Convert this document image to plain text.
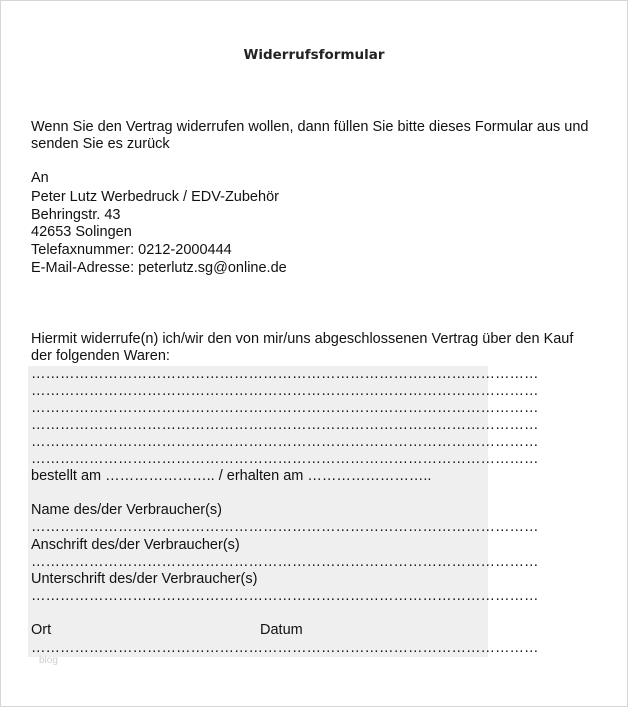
Widerrufsformular
Wenn Sie den Vertrag widerrufen wollen, dann füllen Sie bitte dieses Formular aus und
senden Sie es zurück
An
Peter Lutz Werbedruck / EDV-Zubehör
Behringstr. 43
42653 Solingen
Telefaxnummer: 0212-2000444
E-Mail-Adresse: peterlutz.sg@online.de
Hiermit widerrufe(n) ich/wir den von mir/uns abgeschlossenen Vertrag über den Kauf
der folgenden Waren:
……………………………………………………………………………………………
……………………………………………………………………………………………
……………………………………………………………………………………………
……………………………………………………………………………………………
……………………………………………………………………………………………
……………………………………………………………………………………………
bestellt am ………………….. / erhalten am ……………………..
Name des/der Verbraucher(s)
……………………………………………………………………………………………
Anschrift des/der Verbraucher(s)
……………………………………………………………………………………………
Unterschrift des/der Verbraucher(s)
……………………………………………………………………………………………
Ort	Datum
……………………………………………………………………………………………
blog
